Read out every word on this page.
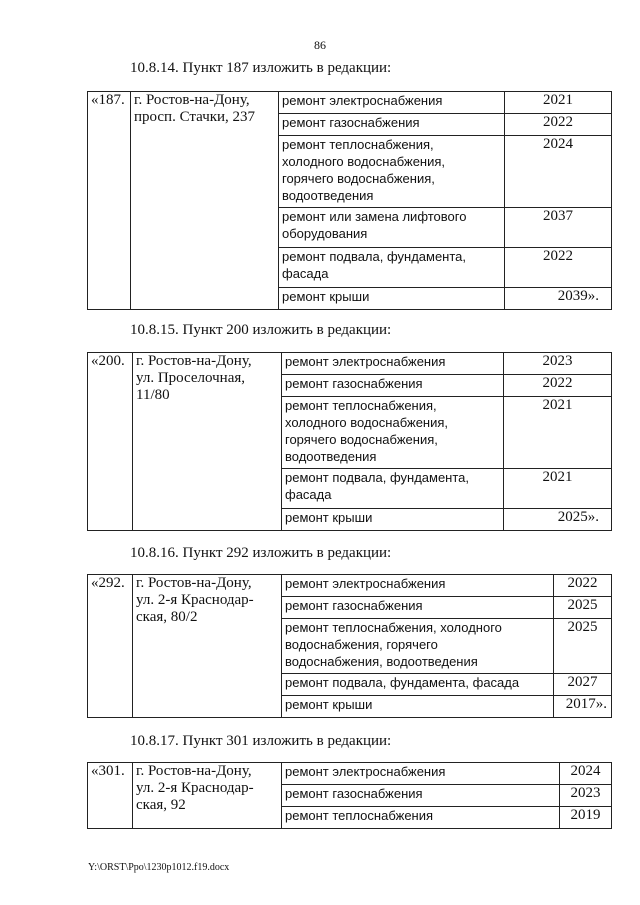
86
10.8.14. Пункт 187 изложить в редакции:
«187.	г. Ростов-на-Дону,
просп. Стачки, 237	ремонт электроснабжения	2021

		ремонт газоснабжения	2022

		ремонт теплоснабжения,
холодного водоснабжения,
горячего водоснабжения,
водоотведения	2024

		ремонт или замена лифтового
оборудования	2037

		ремонт подвала, фундамента,
фасада	2022

		ремонт крыши	2039».
10.8.15. Пункт 200 изложить в редакции:
«200.	г. Ростов-на-Дону,
ул. Проселочная,
11/80	ремонт электроснабжения	2023

		ремонт газоснабжения	2022

		ремонт теплоснабжения,
холодного водоснабжения,
горячего водоснабжения,
водоотведения	2021

		ремонт подвала, фундамента,
фасада	2021

		ремонт крыши	2025».
10.8.16. Пункт 292 изложить в редакции:
«292.	г. Ростов-на-Дону,
ул. 2-я Краснодар-
ская, 80/2	ремонт электроснабжения	2022

		ремонт газоснабжения	2025

		ремонт теплоснабжения, холодного
водоснабжения, горячего
водоснабжения, водоотведения	2025

		ремонт подвала, фундамента, фасада	2027

		ремонт крыши	2017».
10.8.17. Пункт 301 изложить в редакции:
«301.	г. Ростов-на-Дону,
ул. 2-я Краснодар-
ская, 92	ремонт электроснабжения	2024

		ремонт газоснабжения	2023

		ремонт теплоснабжения	2019
Y:\ORST\Ppo\1230p1012.f19.docx
